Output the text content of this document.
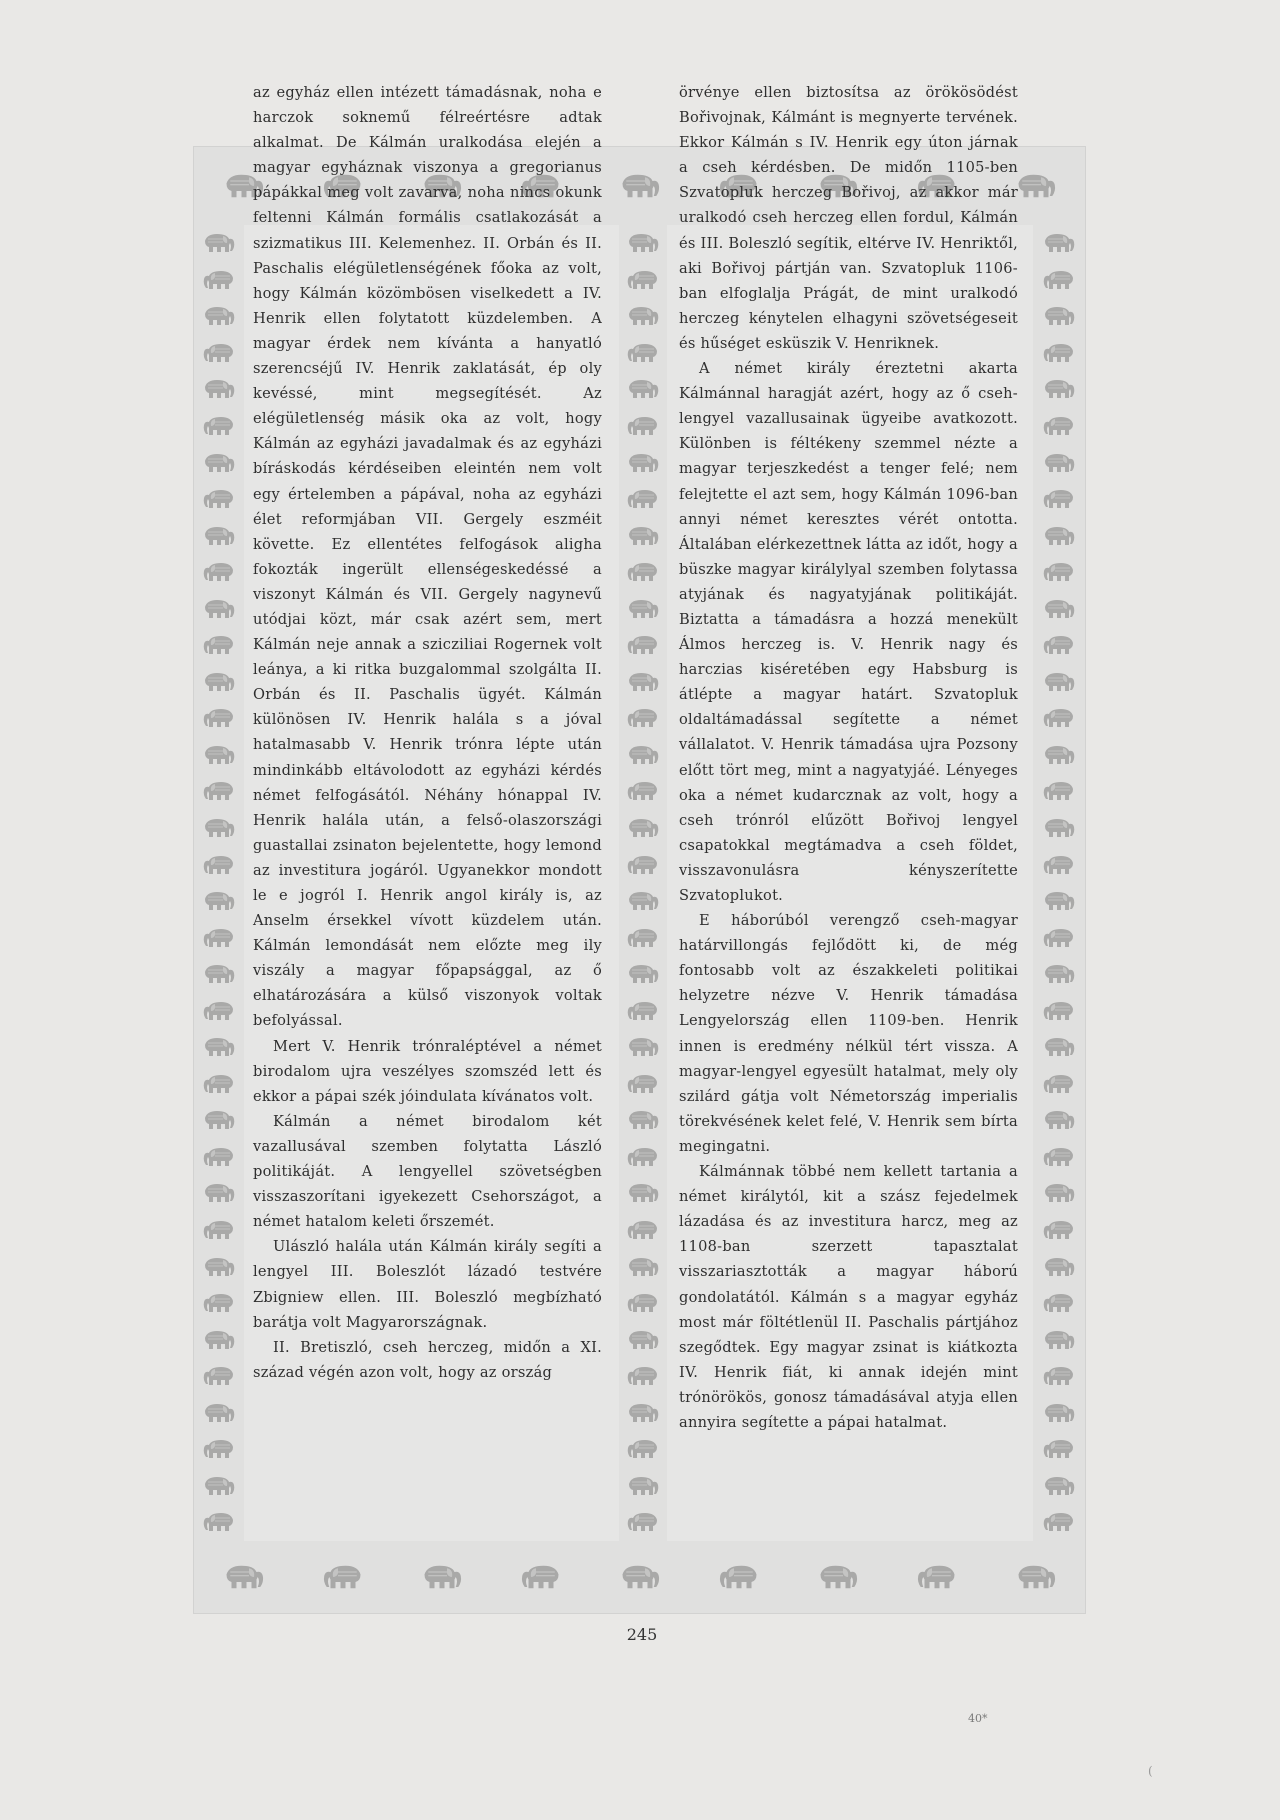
az egyház ellen intézett támadásnak, noha e harczok soknemű félreértésre adtak alkalmat. De Kálmán uralkodása elején a magyar egyháznak viszonya a gregorianus pápákkal meg volt zavarva, noha nincs okunk feltenni Kálmán formális csatlakozását a szizmatikus III. Kelemenhez. II. Orbán és II. Paschalis elégületlenségének főoka az volt, hogy Kálmán közömbösen viselkedett a IV. Henrik ellen folytatott küzdelemben. A magyar érdek nem kívánta a hanyatló szerencséjű IV. Henrik zaklatását, ép oly kevéssé, mint megsegítését. Az elégületlenség másik oka az volt, hogy Kálmán az egyházi javadalmak és az egyházi bíráskodás kérdéseiben eleintén nem volt egy értelemben a pápával, noha az egyházi élet reformjában VII. Gergely eszméit követte. Ez ellentétes felfogások aligha fokozták ingerült ellenségeskedéssé a viszonyt Kálmán és VII. Gergely nagynevű utódjai közt, már csak azért sem, mert Kálmán neje annak a szicziliai Rogernek volt leánya, a ki ritka buzgalommal szolgálta II. Orbán és II. Paschalis ügyét. Kálmán különösen IV. Henrik halála s a jóval hatalmasabb V. Henrik trónra lépte után mindinkább eltávolodott az egyházi kérdés német felfogásától. Néhány hónappal IV. Henrik halála után, a felső-olaszországi guastallai zsinaton bejelentette, hogy lemond az investitura jogáról. Ugyanekkor mondott le e jogról I. Henrik angol király is, az Anselm érsekkel vívott küzdelem után. Kálmán lemondását nem előzte meg ily viszály a magyar főpapsággal, az ő elhatározására a külső viszonyok voltak befolyással.

Mert V. Henrik trónraléptével a német birodalom ujra veszélyes szomszéd lett és ekkor a pápai szék jóindulata kívánatos volt.

Kálmán a német birodalom két vazallusával szemben folytatta László politikáját. A lengyellel szövetségben visszaszorítani igyekezett Csehországot, a német hatalom keleti őrszemét.

Ulászló halála után Kálmán király segíti a lengyel III. Boleszlót lázadó testvére Zbigniew ellen. III. Boleszló megbízható barátja volt Magyarországnak.

II. Bretiszló, cseh herczeg, midőn a XI. század végén azon volt, hogy az ország

örvénye ellen biztosítsa az örökösödést Bořivojnak, Kálmánt is megnyerte tervének. Ekkor Kálmán s IV. Henrik egy úton járnak a cseh kérdésben. De midőn 1105-ben Szvatopluk herczeg Bořivoj, az akkor már uralkodó cseh herczeg ellen fordul, Kálmán és III. Boleszló segítik, eltérve IV. Henriktől, aki Bořivoj pártján van. Szvatopluk 1106-ban elfoglalja Prágát, de mint uralkodó herczeg kénytelen elhagyni szövetségeseit és hűséget esküszik V. Henriknek.

A német király éreztetni akarta Kálmánnal haragját azért, hogy az ő cseh-lengyel vazallusainak ügyeibe avatkozott. Különben is féltékeny szemmel nézte a magyar terjeszkedést a tenger felé; nem felejtette el azt sem, hogy Kálmán 1096-ban annyi német keresztes vérét ontotta. Általában elérkezettnek látta az időt, hogy a büszke magyar királylyal szemben folytassa atyjának és nagyatyjának politikáját. Biztatta a támadásra a hozzá menekült Álmos herczeg is. V. Henrik nagy és harczias kiséretében egy Habsburg is átlépte a magyar határt. Szvatopluk oldaltámadással segítette a német vállalatot. V. Henrik támadása ujra Pozsony előtt tört meg, mint a nagyatyjáé. Lényeges oka a német kudarcznak az volt, hogy a cseh trónról elűzött Bořivoj lengyel csapatokkal megtámadva a cseh földet, visszavonulásra kényszerítette Szvatoplukot.

E háborúból verengző cseh-magyar határvillongás fejlődött ki, de még fontosabb volt az északkeleti politikai helyzetre nézve V. Henrik támadása Lengyelország ellen 1109-ben. Henrik innen is eredmény nélkül tért vissza. A magyar-lengyel egyesült hatalmat, mely oly szilárd gátja volt Németország imperialis törekvésének kelet felé, V. Henrik sem bírta megingatni.

Kálmánnak többé nem kellett tartania a német királytól, kit a szász fejedelmek lázadása és az investitura harcz, meg az 1108-ban szerzett tapasztalat visszariasztották a magyar háború gondolatától. Kálmán s a magyar egyház most már föltétlenül II. Paschalis pártjához szegődtek. Egy magyar zsinat is kiátkozta IV. Henrik fiát, ki annak idején mint trónörökös, gonosz támadásával atyja ellen annyira segítette a pápai hatalmat.

245
40*
(
